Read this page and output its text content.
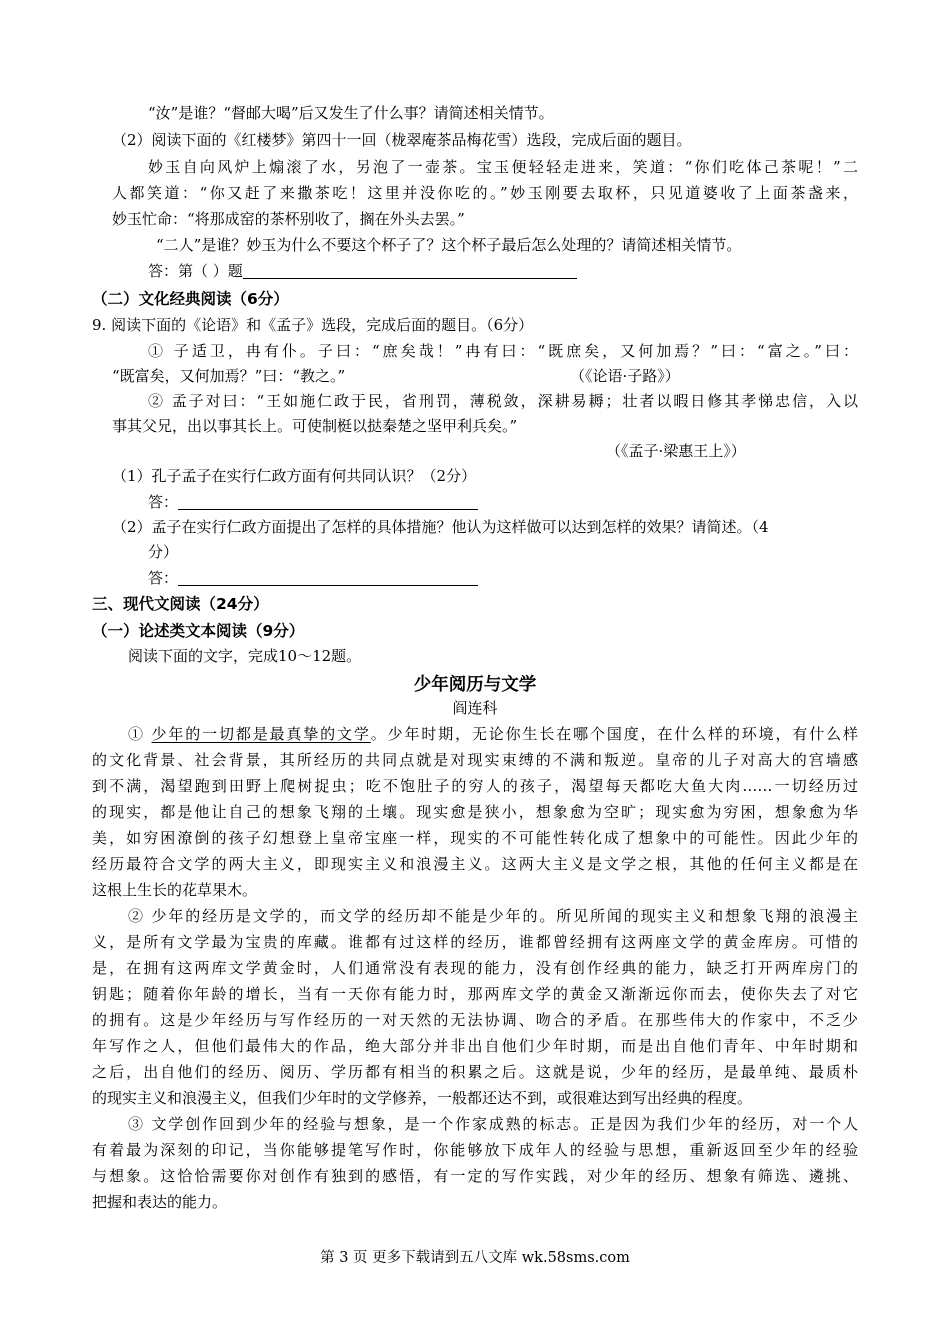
“汝”是谁？“督邮大喝”后又发生了什么事？请简述相关情节。
（2）阅读下面的《红楼梦》第四十一回（栊翠庵茶品梅花雪）选段，完成后面的题目。
妙玉自向风炉上煽滚了水，另泡了一壶茶。宝玉便轻轻走进来，笑道：“你们吃体己茶呢！”二
人都笑道：“你又赶了来撒茶吃！这里并没你吃的。”妙玉刚要去取杯，只见道婆收了上面茶盏来，
妙玉忙命：“将那成窑的茶杯别收了，搁在外头去罢。”
“二人”是谁？妙玉为什么不要这个杯子了？这个杯子最后怎么处理的？请简述相关情节。
答：第（ ）题
（二）文化经典阅读（6分）
9. 阅读下面的《论语》和《孟子》选段，完成后面的题目。（6分）
① 子适卫，冉有仆。子曰：“庶矣哉！”冉有曰：“既庶矣，又何加焉？”曰：“富之。”曰：
“既富矣，又何加焉？”曰：“教之。”	（《论语·子路》）
② 孟子对曰：“王如施仁政于民，省刑罚，薄税敛，深耕易耨；壮者以暇日修其孝悌忠信，入以
事其父兄，出以事其长上。可使制梃以挞秦楚之坚甲利兵矣。”
（《孟子·梁惠王上》）
（1）孔子孟子在实行仁政方面有何共同认识？（2分）
答：
（2）孟子在实行仁政方面提出了怎样的具体措施？他认为这样做可以达到怎样的效果？请简述。（4
分）
答：
三、现代文阅读（24分）
（一）论述类文本阅读（9分）
阅读下面的文字，完成10～12题。
少年阅历与文学
阎连科
① 少年的一切都是最真挚的文学。少年时期，无论你生长在哪个国度，在什么样的环境，有什么样
的文化背景、社会背景，其所经历的共同点就是对现实束缚的不满和叛逆。皇帝的儿子对高大的宫墙感
到不满，渴望跑到田野上爬树捉虫；吃不饱肚子的穷人的孩子，渴望每天都吃大鱼大肉……一切经历过
的现实，都是他让自己的想象飞翔的土壤。现实愈是狭小，想象愈为空旷；现实愈为穷困，想象愈为华
美，如穷困潦倒的孩子幻想登上皇帝宝座一样，现实的不可能性转化成了想象中的可能性。因此少年的
经历最符合文学的两大主义，即现实主义和浪漫主义。这两大主义是文学之根，其他的任何主义都是在
这根上生长的花草果木。
② 少年的经历是文学的，而文学的经历却不能是少年的。所见所闻的现实主义和想象飞翔的浪漫主
义，是所有文学最为宝贵的库藏。谁都有过这样的经历，谁都曾经拥有这两座文学的黄金库房。可惜的
是，在拥有这两库文学黄金时，人们通常没有表现的能力，没有创作经典的能力，缺乏打开两库房门的
钥匙；随着你年龄的增长，当有一天你有能力时，那两库文学的黄金又渐渐远你而去，使你失去了对它
的拥有。这是少年经历与写作经历的一对天然的无法协调、吻合的矛盾。在那些伟大的作家中，不乏少
年写作之人，但他们最伟大的作品，绝大部分并非出自他们少年时期，而是出自他们青年、中年时期和
之后，出自他们的经历、阅历、学历都有相当的积累之后。这就是说，少年的经历，是最单纯、最质朴
的现实主义和浪漫主义，但我们少年时的文学修养，一般都还达不到，或很难达到写出经典的程度。
③ 文学创作回到少年的经验与想象，是一个作家成熟的标志。正是因为我们少年的经历，对一个人
有着最为深刻的印记，当你能够提笔写作时，你能够放下成年人的经验与思想，重新返回至少年的经验
与想象。这恰恰需要你对创作有独到的感悟，有一定的写作实践，对少年的经历、想象有筛选、遴挑、
把握和表达的能力。
第 3 页 更多下载请到五八文库 wk.58sms.com
